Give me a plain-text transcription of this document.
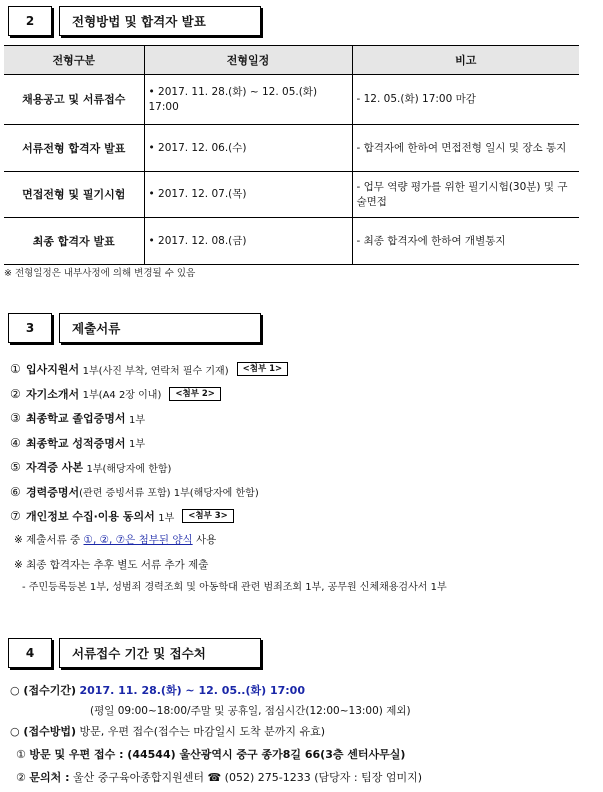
2	전형방법 및 합격자 발표
전형구분	전형일정	비고
채용공고 및 서류접수	• 2017. 11. 28.(화) ~ 12. 05.(화) 17:00	- 12. 05.(화) 17:00 마감
서류전형 합격자 발표	• 2017. 12. 06.(수)	- 합격자에 한하여 면접전형 일시 및 장소 통지
면접전형 및 필기시험	• 2017. 12. 07.(목)	- 업무 역량 평가를 위한 필기시험(30분) 및 구술면접
최종 합격자 발표	• 2017. 12. 08.(금)	- 최종 합격자에 한하여 개별통지
※ 전형일정은 내부사정에 의해 변경될 수 있음
3	제출서류
① 입사지원서
1부(사진 부착, 연락처 필수 기재)	<첨부 1>
② 자기소개서
1부(A4 2장 이내)	<첨부 2>
③ 최종학교 졸업증명서
1부
④ 최종학교 성적증명서
1부
⑤ 자격증 사본
1부(해당자에 한함)
⑥ 경력증명서 (관련 증빙서류 포함) 1부(해당자에 한함)
⑦ 개인정보 수집·이용 동의서
1부	<첨부 3>
※ 제출서류 중 ①, ②, ⑦은 첨부된 양식 사용
※ 최종 합격자는 추후 별도 서류 추가 제출
- 주민등록등본 1부, 성범죄 경력조회 및 아동학대 관련 범죄조회 1부, 공무원 신체채용검사서 1부
4	서류접수 기간 및 접수처
○ (접수기간) 2017. 11. 28.(화) ~ 12. 05..(화) 17:00
(평일 09:00~18:00/주말 및 공휴일, 점심시간(12:00~13:00) 제외)
○ (접수방법) 방문, 우편 접수(접수는 마감일시 도착 분까지 유효)
① 방문 및 우편 접수 : (44544) 울산광역시 중구 종가8길 66(3층 센터사무실)
② 문의처 : 울산 중구육아종합지원센터 ☎ (052) 275-1233 (담당자 : 팀장 엄미지)
